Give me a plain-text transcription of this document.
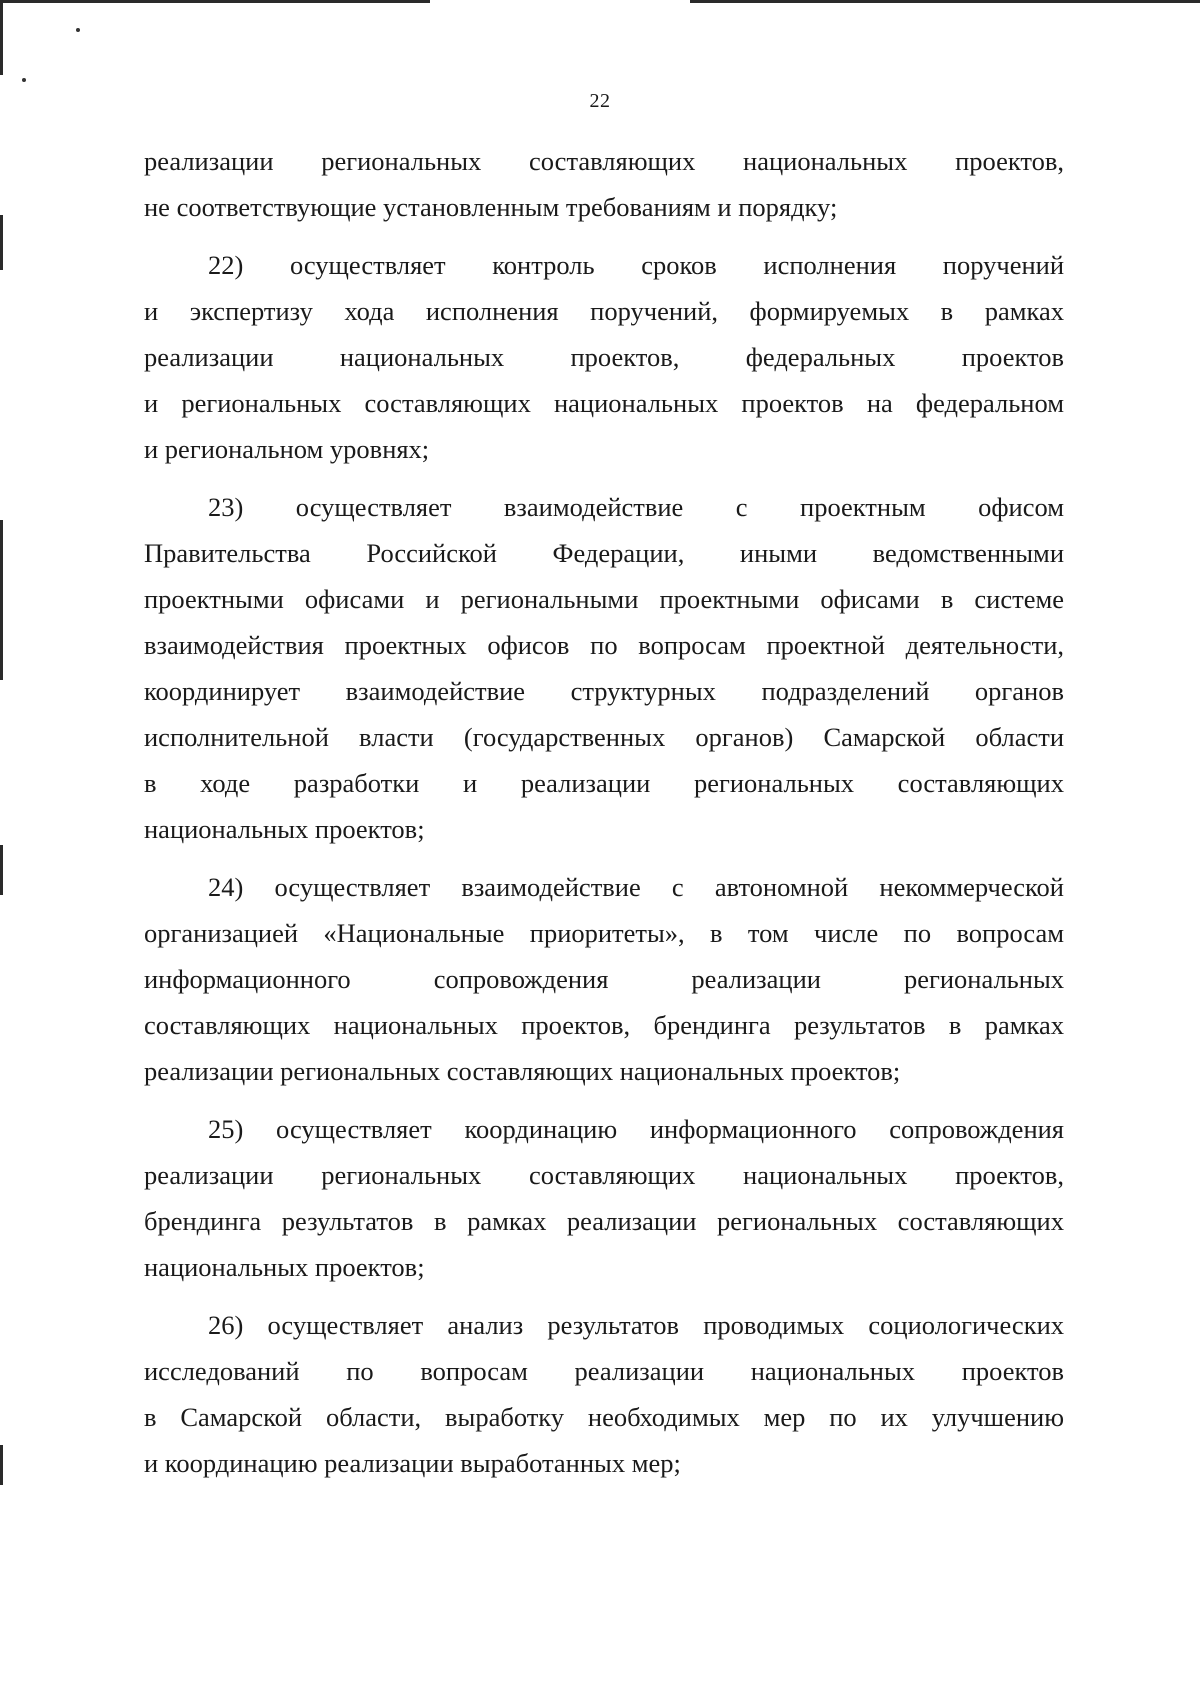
22
реализации региональных составляющих национальных проектов,
не соответствующие установленным требованиям и порядку;
22) осуществляет контроль сроков исполнения поручений
и экспертизу хода исполнения поручений, формируемых в рамках
реализации национальных проектов, федеральных проектов
и региональных составляющих национальных проектов на федеральном
и региональном уровнях;
23) осуществляет взаимодействие с проектным офисом
Правительства Российской Федерации, иными ведомственными
проектными офисами и региональными проектными офисами в системе
взаимодействия проектных офисов по вопросам проектной деятельности,
координирует взаимодействие структурных подразделений органов
исполнительной власти (государственных органов) Самарской области
в ходе разработки и реализации региональных составляющих
национальных проектов;
24) осуществляет взаимодействие с автономной некоммерческой
организацией «Национальные приоритеты», в том числе по вопросам
информационного сопровождения реализации региональных
составляющих национальных проектов, брендинга результатов в рамках
реализации региональных составляющих национальных проектов;
25) осуществляет координацию информационного сопровождения
реализации региональных составляющих национальных проектов,
брендинга результатов в рамках реализации региональных составляющих
национальных проектов;
26) осуществляет анализ результатов проводимых социологических
исследований по вопросам реализации национальных проектов
в Самарской области, выработку необходимых мер по их улучшению
и координацию реализации выработанных мер;
